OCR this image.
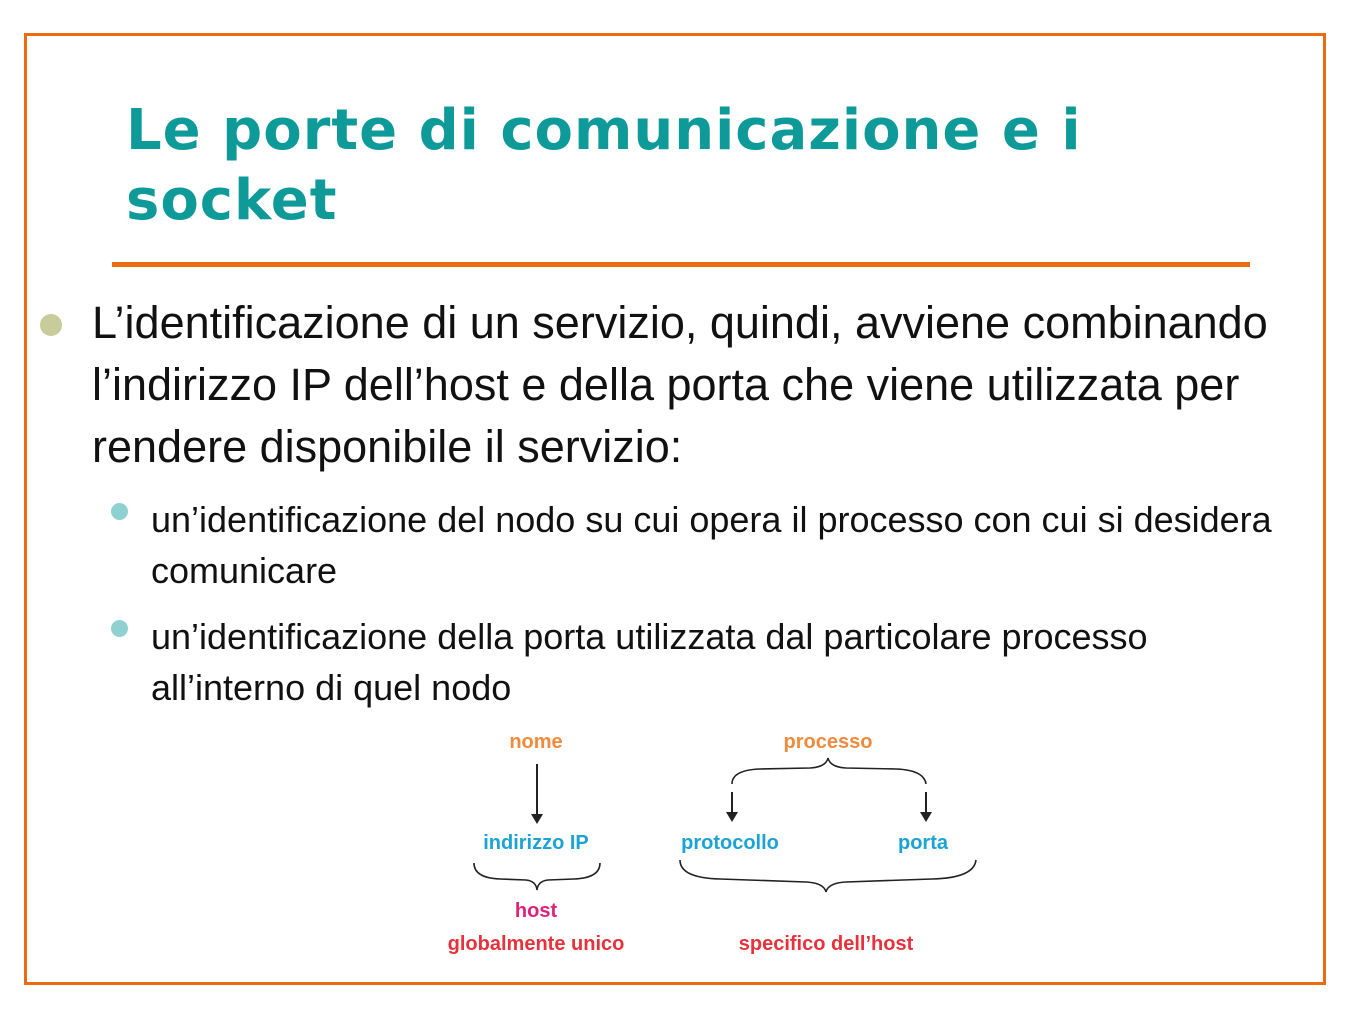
Le porte di comunicazione e i socket

L’identificazione di un servizio, quindi, avviene combinando l’indirizzo IP dell’host e della porta che viene utilizzata per rendere disponibile il servizio:

un’identificazione del nodo su cui opera il processo con cui si desidera comunicare

un’identificazione della porta utilizzata dal particolare processo all’interno di quel nodo

nome
indirizzo IP
host
globalmente unico
processo
protocollo	porta
specifico dell’host
